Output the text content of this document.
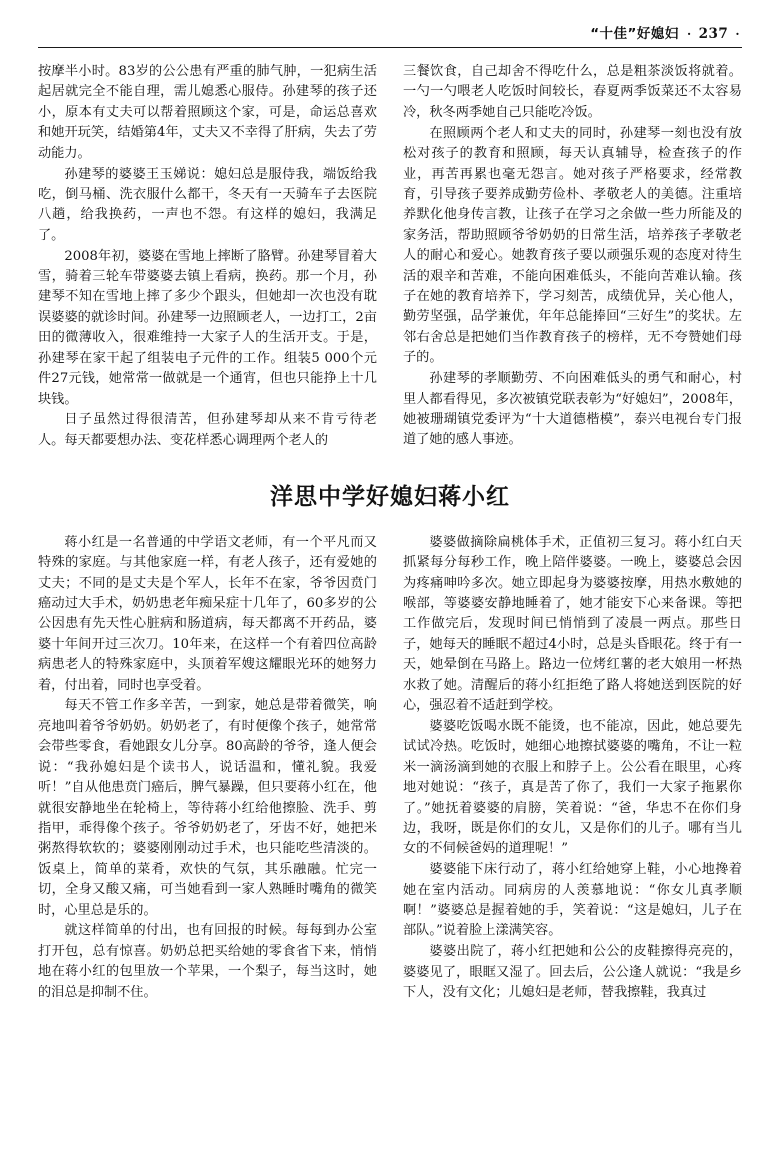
“十佳”好媳妇 · 237 ·

按摩半小时。83岁的公公患有严重的肺气肿，一犯病生活起居就完全不能自理，需儿媳悉心服侍。孙建琴的孩子还小，原本有丈夫可以帮着照顾这个家，可是，命运总喜欢和她开玩笑，结婚第4年，丈夫又不幸得了肝病，失去了劳动能力。

孙建琴的婆婆王玉娣说：媳妇总是服侍我，端饭给我吃，倒马桶、洗衣服什么都干，冬天有一天骑车子去医院八趟，给我换药，一声也不怨。有这样的媳妇，我满足了。

2008年初，婆婆在雪地上摔断了胳臂。孙建琴冒着大雪，骑着三轮车带婆婆去镇上看病，换药。那一个月，孙建琴不知在雪地上摔了多少个跟头，但她却一次也没有耽误婆婆的就诊时间。孙建琴一边照顾老人，一边打工，2亩田的微薄收入，很难维持一大家子人的生活开支。于是，孙建琴在家干起了组装电子元件的工作。组装5 000个元件27元钱，她常常一做就是一个通宵，但也只能挣上十几块钱。

日子虽然过得很清苦，但孙建琴却从来不肯亏待老人。每天都要想办法、变花样悉心调理两个老人的

三餐饮食，自己却舍不得吃什么，总是粗茶淡饭将就着。一勺一勺喂老人吃饭时间较长，春夏两季饭菜还不太容易冷，秋冬两季她自己只能吃冷饭。

在照顾两个老人和丈夫的同时，孙建琴一刻也没有放松对孩子的教育和照顾，每天认真辅导，检查孩子的作业，再苦再累也毫无怨言。她对孩子严格要求，经常教育，引导孩子要养成勤劳俭朴、孝敬老人的美德。注重培养默化他身传言教，让孩子在学习之余做一些力所能及的家务活，帮助照顾爷爷奶奶的日常生活，培养孩子孝敬老人的耐心和爱心。她教育孩子要以顽强乐观的态度对待生活的艰辛和苦难，不能向困难低头，不能向苦难认输。孩子在她的教育培养下，学习刻苦，成绩优异，关心他人，勤劳坚强，品学兼优，年年总能捧回“三好生”的奖状。左邻右舍总是把她们当作教育孩子的榜样，无不夸赞她们母子的。

孙建琴的孝顺勤劳、不向困难低头的勇气和耐心，村里人都看得见，多次被镇党联表彰为“好媳妇”，2008年，她被珊瑚镇党委评为“十大道德楷模”，泰兴电视台专门报道了她的感人事迹。

洋思中学好媳妇蒋小红

蒋小红是一名普通的中学语文老师，有一个平凡而又特殊的家庭。与其他家庭一样，有老人孩子，还有爱她的丈夫；不同的是丈夫是个军人，长年不在家，爷爷因贲门癌动过大手术，奶奶患老年痴呆症十几年了，60多岁的公公因患有先天性心脏病和肠道病，每天都离不开药品，婆婆十年间开过三次刀。10年来，在这样一个有着四位高龄病患老人的特殊家庭中，头顶着军嫂这耀眼光环的她努力着，付出着，同时也享受着。

每天不管工作多辛苦，一到家，她总是带着微笑，响亮地叫着爷爷奶奶。奶奶老了，有时便像个孩子，她常常会带些零食，看她跟女儿分享。80高龄的爷爷，逢人便会说：“我孙媳妇是个读书人，说话温和，懂礼貌。我爱听！”自从他患贲门癌后，脾气暴躁，但只要蒋小红在，他就很安静地坐在轮椅上，等待蒋小红给他擦脸、洗手、剪指甲，乖得像个孩子。爷爷奶奶老了，牙齿不好，她把米粥熬得软软的；婆婆刚刚动过手术，也只能吃些清淡的。饭桌上，简单的菜肴，欢快的气氛，其乐融融。忙完一切，全身又酸又痛，可当她看到一家人熟睡时嘴角的微笑时，心里总是乐的。

就这样简单的付出，也有回报的时候。每每到办公室打开包，总有惊喜。奶奶总把买给她的零食省下来，悄悄地在蒋小红的包里放一个苹果，一个梨子，每当这时，她的泪总是抑制不住。

婆婆做摘除扁桃体手术，正值初三复习。蒋小红白天抓紧每分每秒工作，晚上陪伴婆婆。一晚上，婆婆总会因为疼痛呻吟多次。她立即起身为婆婆按摩，用热水敷她的喉部，等婆婆安静地睡着了，她才能安下心来备课。等把工作做完后，发现时间已悄悄到了凌晨一两点。那些日子，她每天的睡眠不超过4小时，总是头昏眼花。终于有一天，她晕倒在马路上。路边一位烤红薯的老大娘用一杯热水救了她。清醒后的蒋小红拒绝了路人将她送到医院的好心，强忍着不适赶到学校。

婆婆吃饭喝水既不能烫，也不能凉，因此，她总要先试试冷热。吃饭时，她细心地擦拭婆婆的嘴角，不让一粒米一滴汤滴到她的衣服上和脖子上。公公看在眼里，心疼地对她说：“孩子，真是苦了你了，我们一大家子拖累你了。”她抚着婆婆的肩膀，笑着说：“爸，华忠不在你们身边，我呀，既是你们的女儿，又是你们的儿子。哪有当儿女的不伺候爸妈的道理呢！”

婆婆能下床行动了，蒋小红给她穿上鞋，小心地搀着她在室内活动。同病房的人羡慕地说：“你女儿真孝顺啊！”婆婆总是握着她的手，笑着说：“这是媳妇，儿子在部队。”说着脸上漾满笑容。

婆婆出院了，蒋小红把她和公公的皮鞋擦得亮亮的，婆婆见了，眼眶又湿了。回去后，公公逢人就说：“我是乡下人，没有文化；儿媳妇是老师，替我擦鞋，我真过
